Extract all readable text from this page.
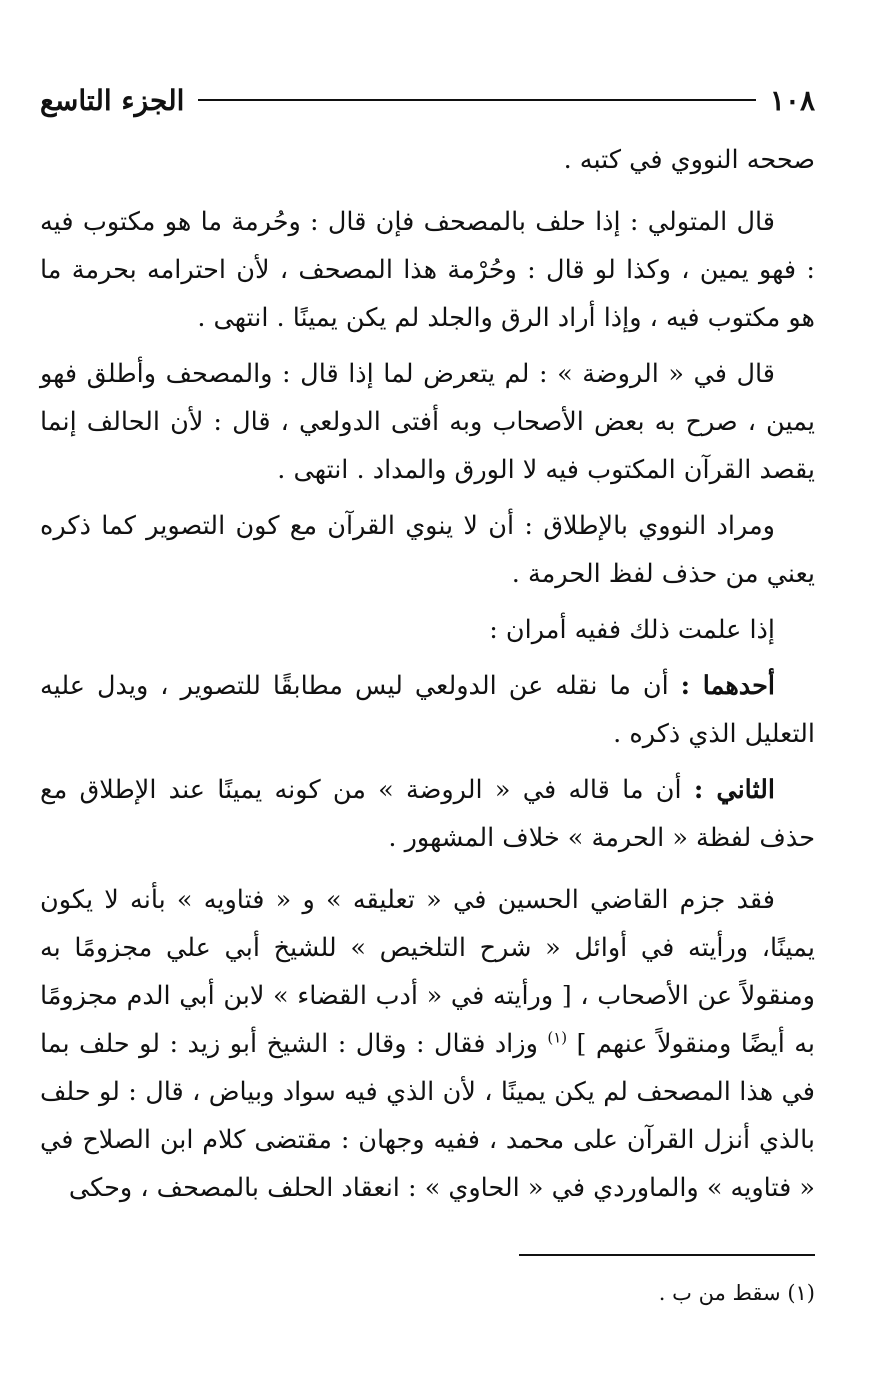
١٠٨
الجزء التاسع

صححه النووي في كتبه .

قال المتولي : إذا حلف بالمصحف فإن قال : وحُرمة ما هو مكتوب فيه : فهو يمين ، وكذا لو قال : وحُرْمة هذا المصحف ، لأن احترامه بحرمة ما هو مكتوب فيه ، وإذا أراد الرق والجلد لم يكن يمينًا . انتهى .

قال في « الروضة » : لم يتعرض لما إذا قال : والمصحف وأطلق فهو يمين ، صرح به بعض الأصحاب وبه أفتى الدولعي ، قال : لأن الحالف إنما يقصد القرآن المكتوب فيه لا الورق والمداد . انتهى .

ومراد النووي بالإطلاق : أن لا ينوي القرآن مع كون التصوير كما ذكره يعني من حذف لفظ الحرمة .

إذا علمت ذلك ففيه أمران :

أحدهما : أن ما نقله عن الدولعي ليس مطابقًا للتصوير ، ويدل عليه التعليل الذي ذكره .

الثاني : أن ما قاله في « الروضة » من كونه يمينًا عند الإطلاق مع حذف لفظة « الحرمة » خلاف المشهور .

فقد جزم القاضي الحسين في « تعليقه » و « فتاويه » بأنه لا يكون يمينًا، ورأيته في أوائل « شرح التلخيص » للشيخ أبي علي مجزومًا به ومنقولاً عن الأصحاب ، [ ورأيته في « أدب القضاء » لابن أبي الدم مجزومًا به أيضًا ومنقولاً عنهم ] $^{(١)}$ وزاد فقال : وقال : الشيخ أبو زيد : لو حلف بما في هذا المصحف لم يكن يمينًا ، لأن الذي فيه سواد وبياض ، قال : لو حلف بالذي أنزل القرآن على محمد ، ففيه وجهان : مقتضى كلام ابن الصلاح في « فتاويه » والماوردي في « الحاوي » : انعقاد الحلف بالمصحف ، وحكى

(١) سقط من ب .
